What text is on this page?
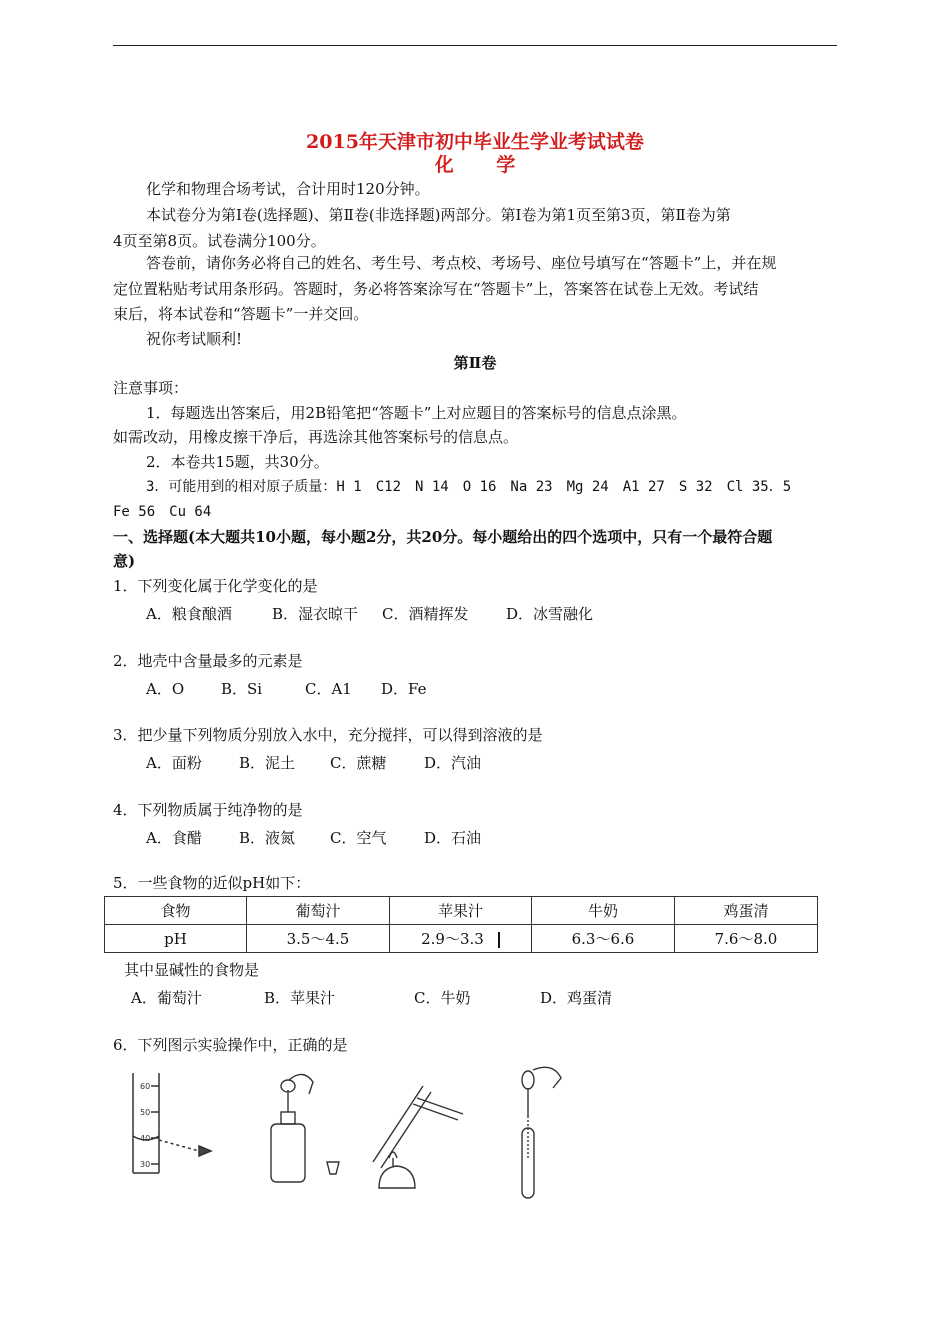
2015年天津市初中毕业生学业考试试卷
化 学
化学和物理合场考试，合计用时120分钟。
本试卷分为第Ⅰ卷(选择题)、第Ⅱ卷(非选择题)两部分。第Ⅰ卷为第1页至第3页，第Ⅱ卷为第
4页至第8页。试卷满分100分。
答卷前，请你务必将自己的姓名、考生号、考点校、考场号、座位号填写在“答题卡”上，并在规
定位置粘贴考试用条形码。答题时，务必将答案涂写在“答题卡”上，答案答在试卷上无效。考试结
束后，将本试卷和“答题卡”一并交回。
祝你考试顺利!
第Ⅱ卷
注意事项：
1．每题选出答案后，用2B铅笔把“答题卡”上对应题目的答案标号的信息点涂黑。
如需改动，用橡皮擦干净后，再选涂其他答案标号的信息点。
2．本卷共15题，共30分。
3．可能用到的相对原子质量：H 1　C12　N 14　O 16　Na 23　Mg 24　A1 27　S 32　Cl 35．5
Fe 56　Cu 64
一、选择题(本大题共10小题，每小题2分，共20分。每小题给出的四个选项中，只有一个最符合题
意)
1．下列变化属于化学变化的是
A．粮食酿酒	B．湿衣晾干 C．酒精挥发	D．冰雪融化
2．地壳中含量最多的元素是
A．O B．Si	C．A1 D．Fe
3．把少量下列物质分别放入水中，充分搅拌，可以得到溶液的是
A．面粉 B．泥土 C．蔗糖	D．汽油
4．下列物质属于纯净物的是
A．食醋 B．液氮 C．空气	D．石油
5．一些食物的近似pH如下：
食物	葡萄汁	苹果汁	牛奶	鸡蛋清
pH	3.5～4.5	2.9～3.3	6.3～6.6	7.6～8.0
其中显碱性的食物是
A．葡萄汁	B．苹果汁	C．牛奶	D．鸡蛋清
6．下列图示实验操作中，正确的是
60
50
40
30
